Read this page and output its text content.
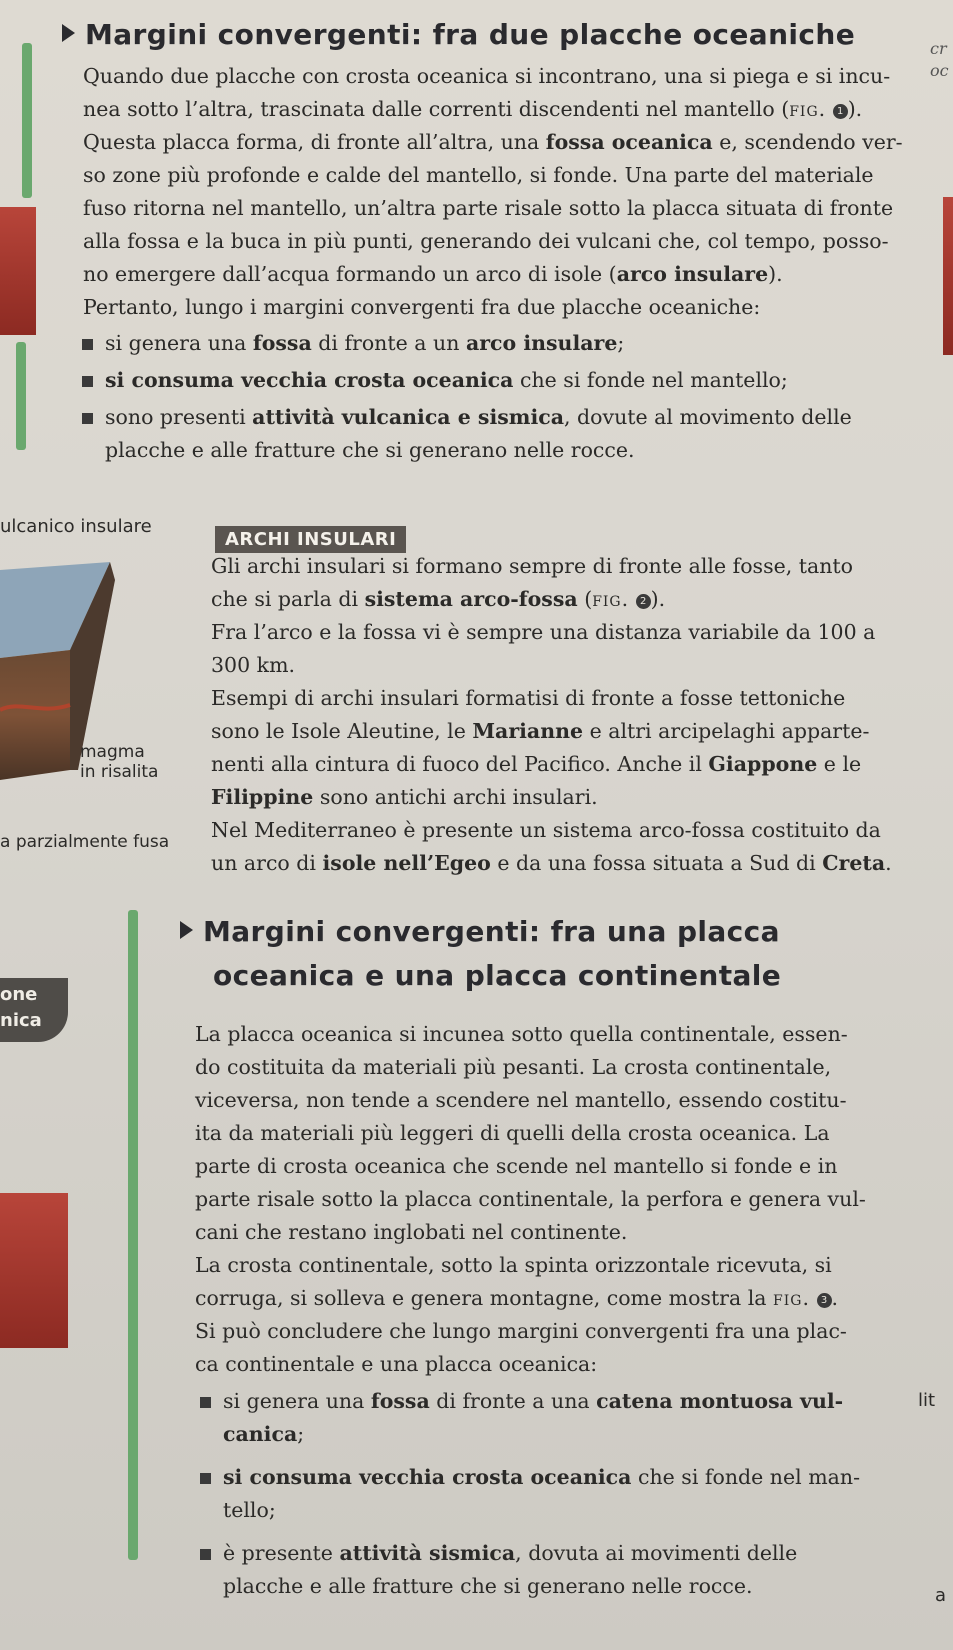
Margini convergenti: fra due placche oceaniche	cr
oc
Quando due placche con crosta oceanica si incontrano, una si piega e si incu-
nea sotto l’altra, trascinata dalle correnti discendenti nel mantello (fig. 1 ).
Questa placca forma, di fronte all’altra, una fossa oceanica e, scendendo ver-
so zone più profonde e calde del mantello, si fonde. Una parte del materiale
fuso ritorna nel mantello, un’altra parte risale sotto la placca situata di fronte
alla fossa e la buca in più punti, generando dei vulcani che, col tempo, posso-
no emergere dall’acqua formando un arco di isole (arco insulare).
Pertanto, lungo i margini convergenti fra due placche oceaniche:
si genera una fossa di fronte a un arco insulare;
si consuma vecchia crosta oceanica che si fonde nel mantello;
sono presenti attività vulcanica e sismica, dovute al movimento delle
placche e alle fratture che si generano nelle rocce.
ulcanico insulare
magma
in risalita
a parzialmente fusa
ARCHI INSULARI
Gli archi insulari si formano sempre di fronte alle fosse, tanto
che si parla di sistema arco-fossa (fig. 2 ).
Fra l’arco e la fossa vi è sempre una distanza variabile da 100 a
300 km.
Esempi di archi insulari formatisi di fronte a fosse tettoniche
sono le Isole Aleutine, le Marianne e altri arcipelaghi apparte-
nenti alla cintura di fuoco del Pacifico. Anche il Giappone e le
Filippine sono antichi archi insulari.
Nel Mediterraneo è presente un sistema arco-fossa costituito da
un arco di isole nell’Egeo e da una fossa situata a Sud di Creta.
Margini convergenti: fra una placca
oceanica e una placca continentale
one
nica
La placca oceanica si incunea sotto quella continentale, essen-
do costituita da materiali più pesanti. La crosta continentale,
viceversa, non tende a scendere nel mantello, essendo costitu-
ita da materiali più leggeri di quelli della crosta oceanica. La
parte di crosta oceanica che scende nel mantello si fonde e in
parte risale sotto la placca continentale, la perfora e genera vul-
cani che restano inglobati nel continente.
La crosta continentale, sotto la spinta orizzontale ricevuta, si
corruga, si solleva e genera montagne, come mostra la fig. 3 .
Si può concludere che lungo margini convergenti fra una plac-
ca continentale e una placca oceanica:
si genera una fossa di fronte a una catena montuosa vul-
canica;
si consuma vecchia crosta oceanica che si fonde nel man-
tello;
è presente attività sismica, dovuta ai movimenti delle
placche e alle fratture che si generano nelle rocce.
lit
a
